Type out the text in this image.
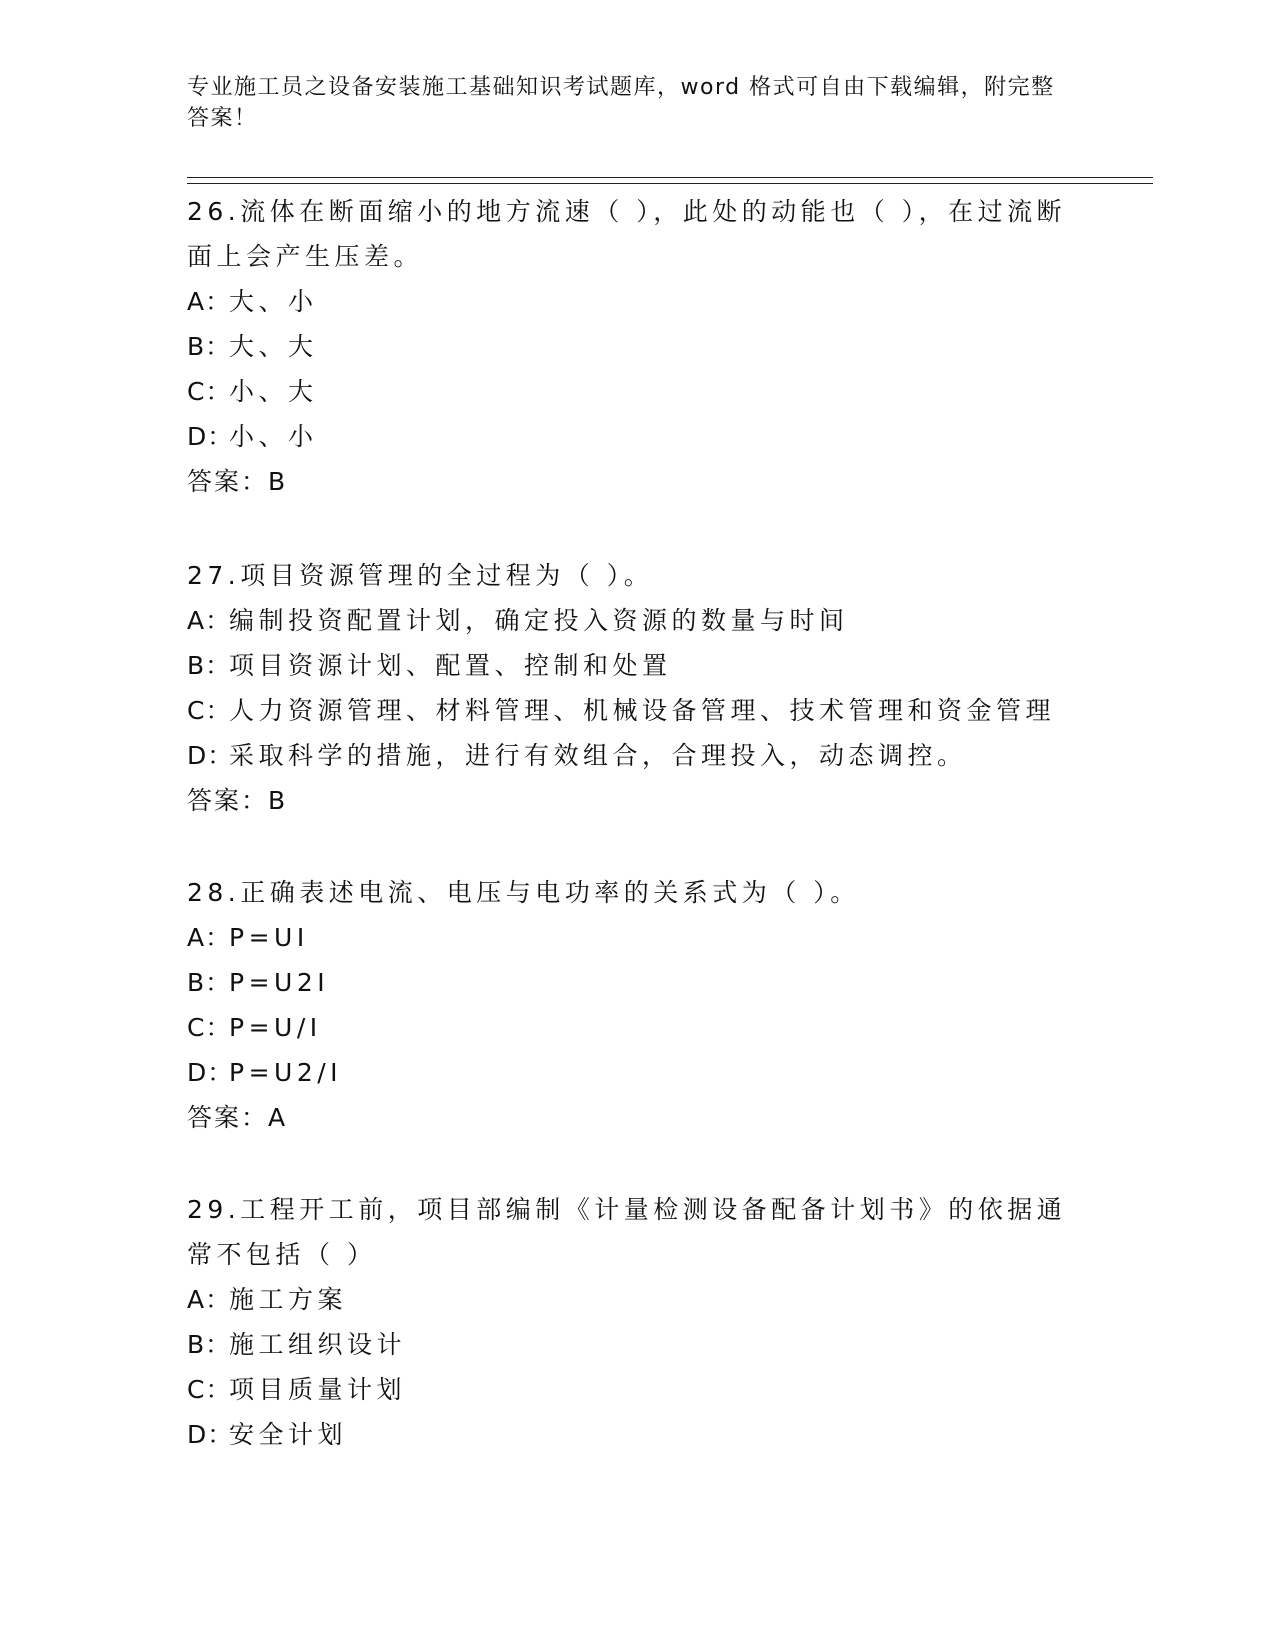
专业施工员之设备安装施工基础知识考试题库，word 格式可自由下载编辑，附完整答案！
26.流体在断面缩小的地方流速（ ），此处的动能也（ ），在过流断面上会产生压差。
A：大、小
B：大、大
C：小、大
D：小、小
答案：B
27.项目资源管理的全过程为（ ）。
A：编制投资配置计划，确定投入资源的数量与时间
B：项目资源计划、配置、控制和处置
C：人力资源管理、材料管理、机械设备管理、技术管理和资金管理
D：采取科学的措施，进行有效组合，合理投入，动态调控。
答案：B
28.正确表述电流、电压与电功率的关系式为（ ）。
A：P=UI
B：P=U2I
C：P=U/I
D：P=U2/I
答案：A
29.工程开工前，项目部编制《计量检测设备配备计划书》的依据通常不包括（ ）
A：施工方案
B：施工组织设计
C：项目质量计划
D：安全计划
